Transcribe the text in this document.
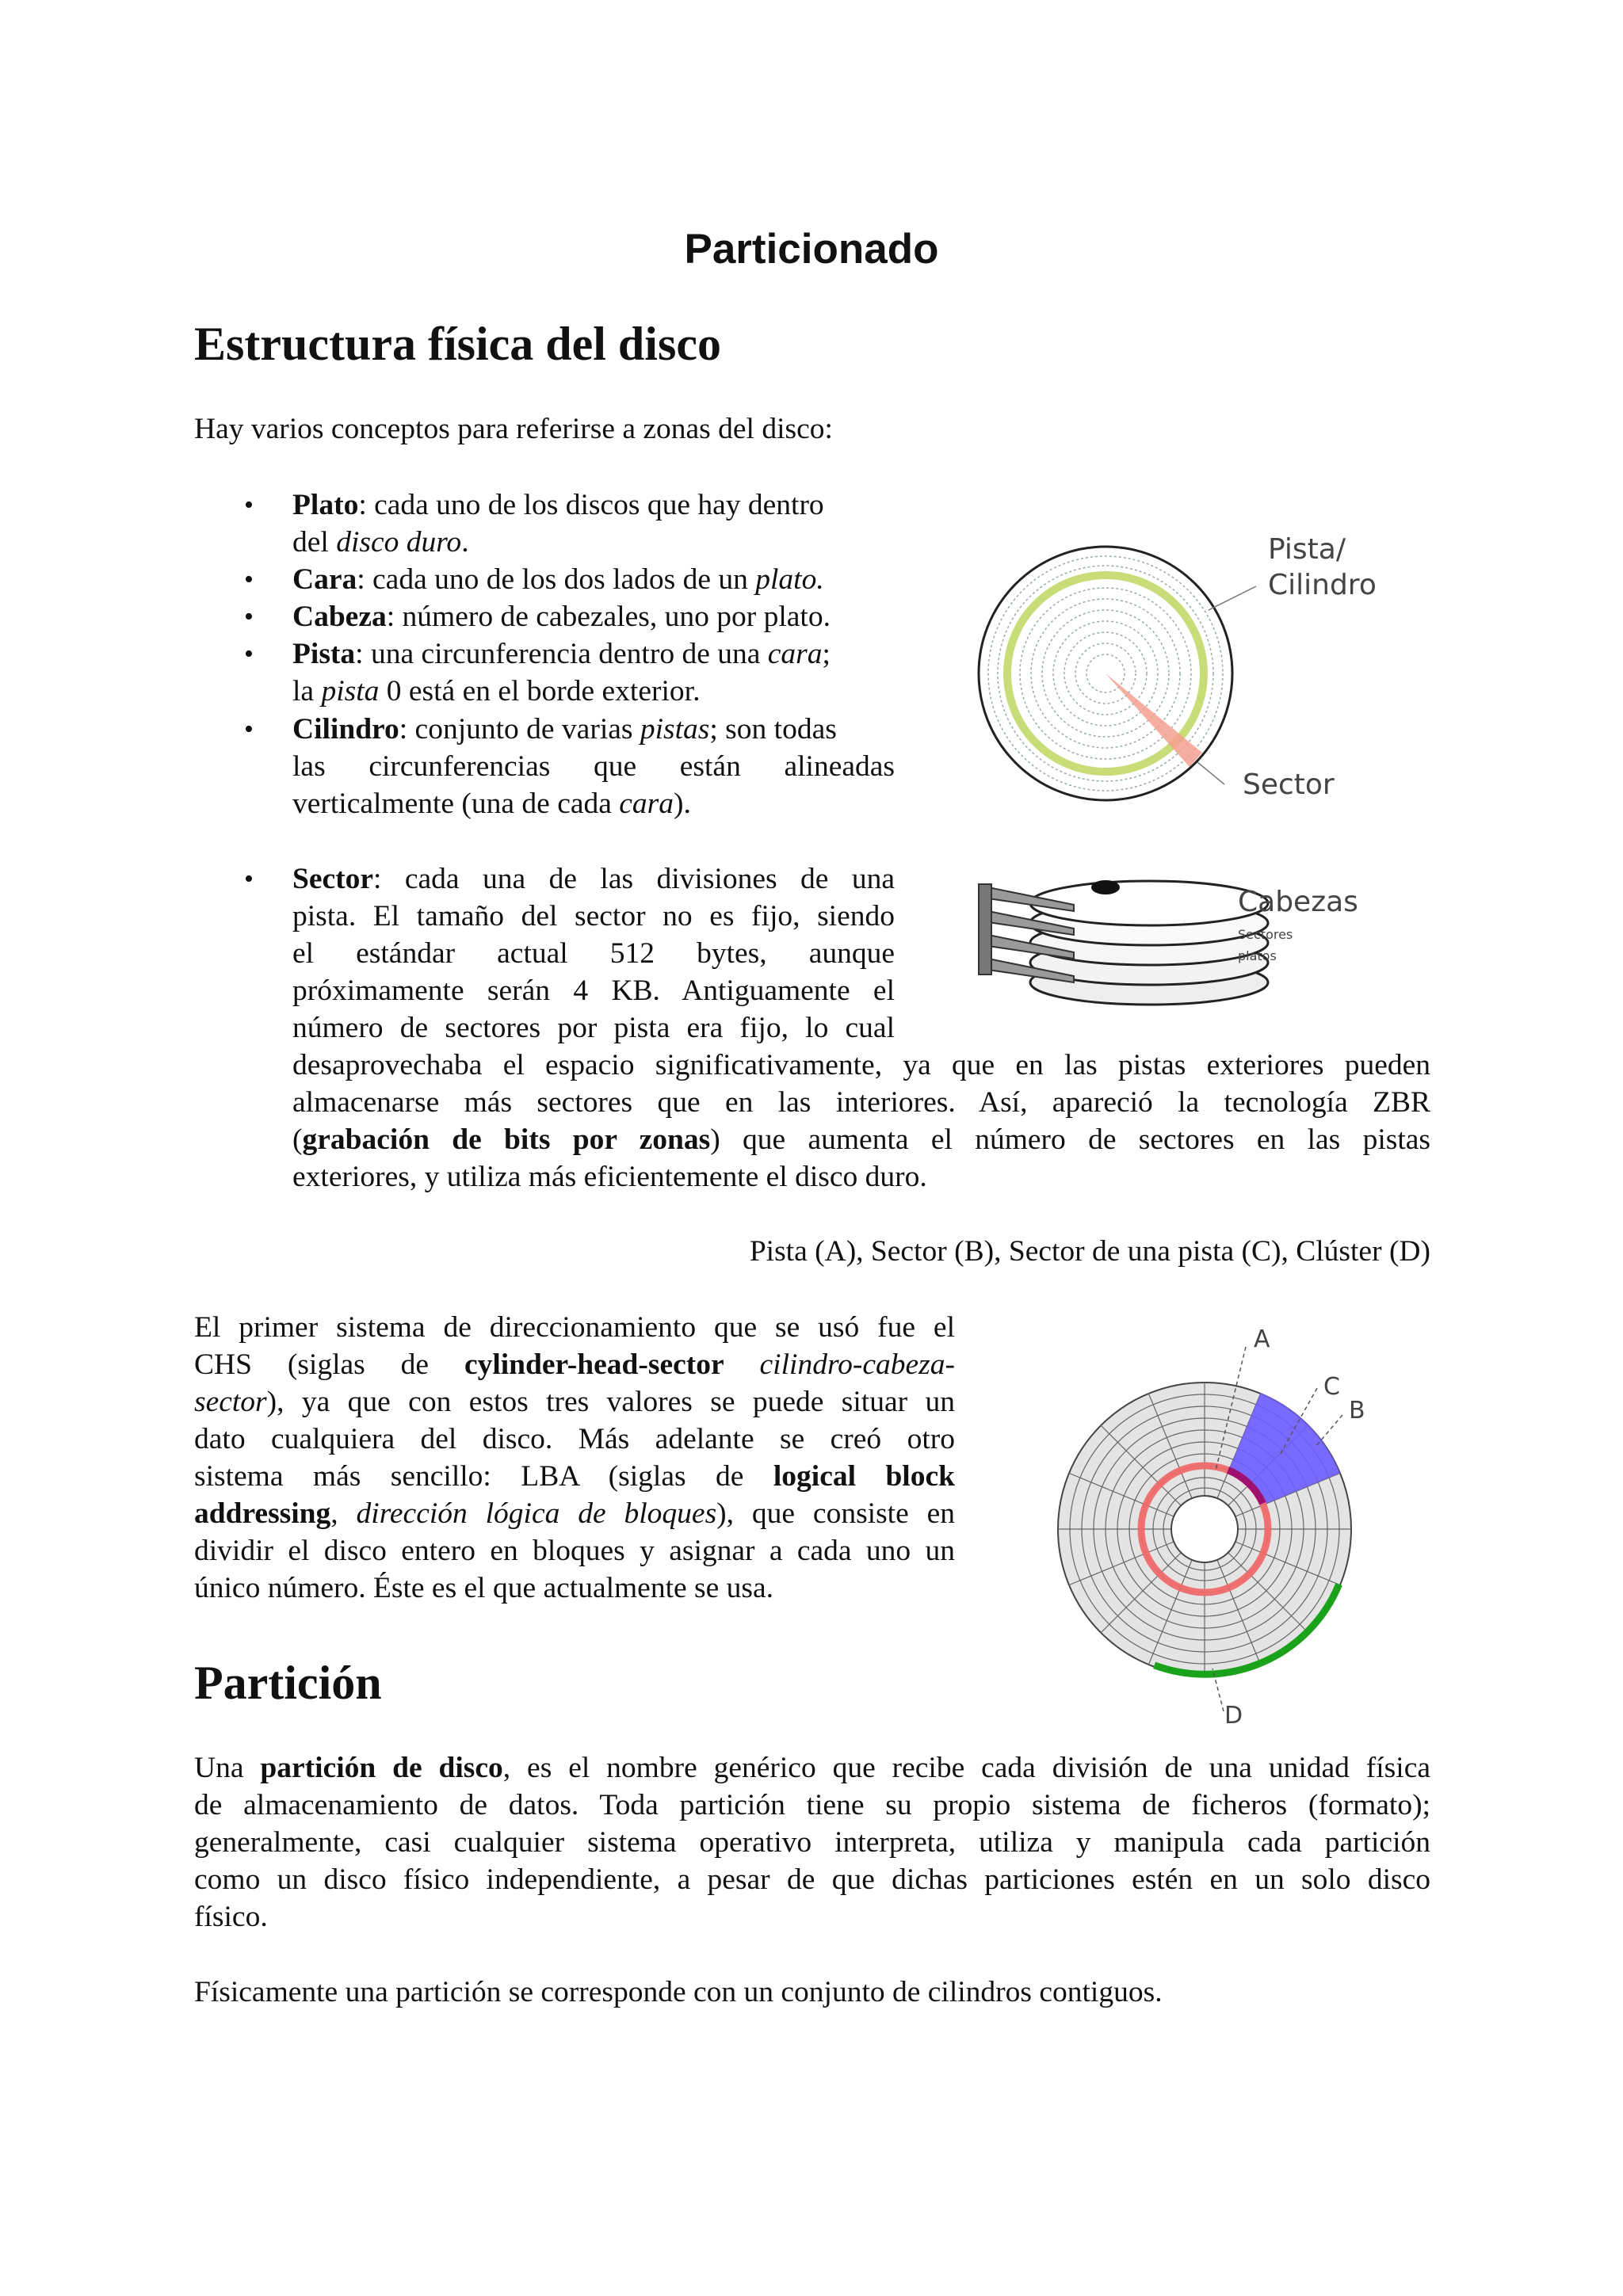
Particionado
Estructura física del disco
Hay varios conceptos para referirse a zonas del disco:
• Plato: cada uno de los discos que hay dentro
del disco duro.
• Cara: cada uno de los dos lados de un plato.
• Cabeza: número de cabezales, uno por plato.
• Pista: una circunferencia dentro de una cara;
la pista 0 está en el borde exterior.
• Cilindro: conjunto de varias pistas; son todas
las circunferencias que están alineadas
verticalmente (una de cada cara).
• Sector: cada una de las divisiones de una
pista. El tamaño del sector no es fijo, siendo
el estándar actual 512 bytes, aunque
próximamente serán 4 KB. Antiguamente el
número de sectores por pista era fijo, lo cual
desaprovechaba el espacio significativamente, ya que en las pistas exteriores pueden
almacenarse más sectores que en las interiores. Así, apareció la tecnología ZBR
(grabación de bits por zonas) que aumenta el número de sectores en las pistas
exteriores, y utiliza más eficientemente el disco duro.
Pista/
Cilindro
Sector
Cabezas
Sectores
platos
Pista (A), Sector (B), Sector de una pista (C), Clúster (D)
El primer sistema de direccionamiento que se usó fue el
CHS (siglas de cylinder-head-sector cilindro-cabeza-
sector), ya que con estos tres valores se puede situar un
dato cualquiera del disco. Más adelante se creó otro
sistema más sencillo: LBA (siglas de logical block
addressing, dirección lógica de bloques), que consiste en
dividir el disco entero en bloques y asignar a cada uno un
único número. Éste es el que actualmente se usa.
A
C
B
D
Partición
Una partición de disco, es el nombre genérico que recibe cada división de una unidad física
de almacenamiento de datos. Toda partición tiene su propio sistema de ficheros (formato);
generalmente, casi cualquier sistema operativo interpreta, utiliza y manipula cada partición
como un disco físico independiente, a pesar de que dichas particiones estén en un solo disco
físico.
Físicamente una partición se corresponde con un conjunto de cilindros contiguos.
